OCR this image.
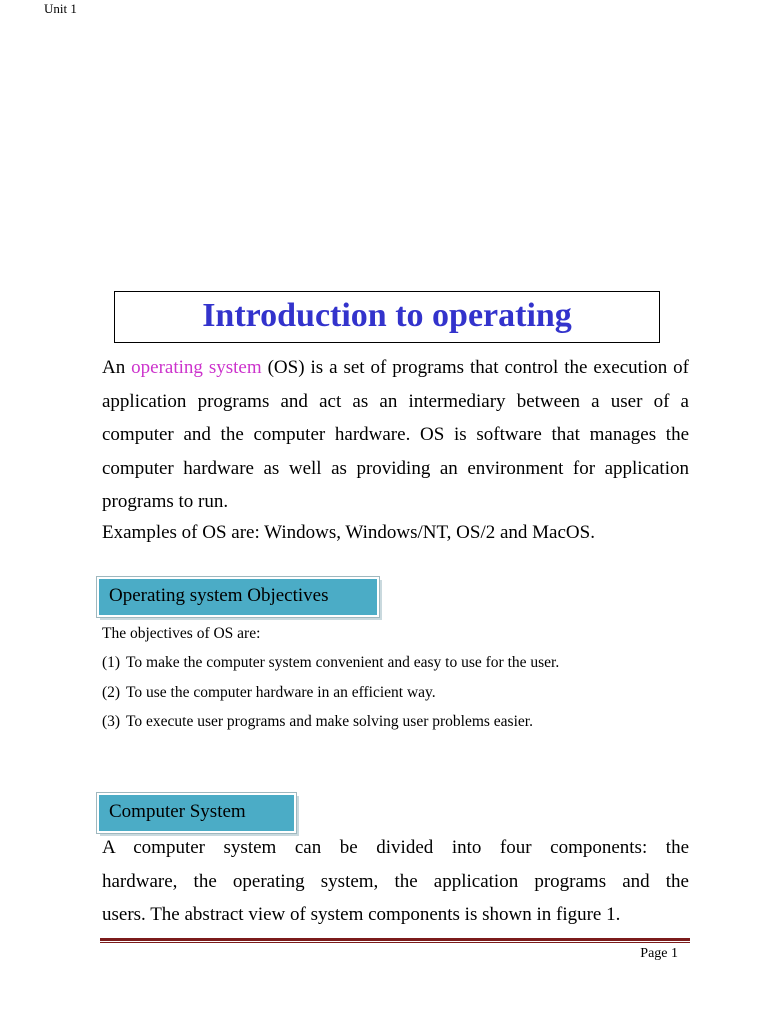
Unit 1
Introduction to operating
An operating system (OS) is a set of programs that control the execution of application programs and act as an intermediary between a user of a computer and the computer hardware. OS is software that manages the computer hardware as well as providing an environment for application programs to run.
Examples of OS are: Windows, Windows/NT, OS/2 and MacOS.
Operating system Objectives
The objectives of OS are:
(1) To make the computer system convenient and easy to use for the user.
(2) To use the computer hardware in an efficient way.
(3) To execute user programs and make solving user problems easier.
Computer System
A computer system can be divided into four components: the
hardware, the operating system, the application programs and the
users. The abstract view of system components is shown in figure 1.
Page 1
